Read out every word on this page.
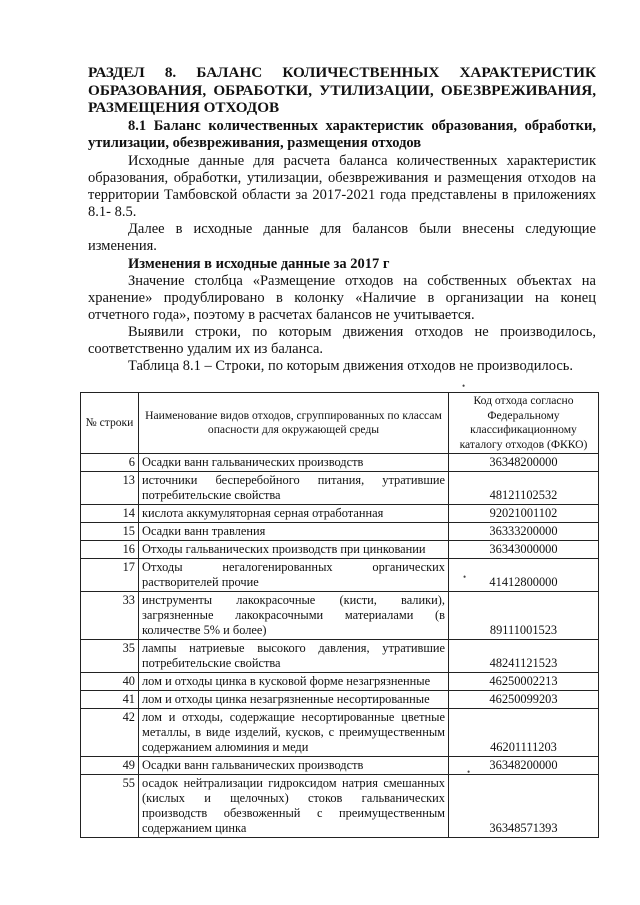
РАЗДЕЛ 8. БАЛАНС КОЛИЧЕСТВЕННЫХ ХАРАКТЕРИСТИК ОБРАЗОВАНИЯ, ОБРАБОТКИ, УТИЛИЗАЦИИ, ОБЕЗВРЕЖИВАНИЯ, РАЗМЕЩЕНИЯ ОТХОДОВ
8.1 Баланс количественных характеристик образования, обработки, утилизации, обезвреживания, размещения отходов

Исходные данные для расчета баланса количественных характеристик образования, обработки, утилизации, обезвреживания и размещения отходов на территории Тамбовской области за 2017-2021 года представлены в приложениях 8.1- 8.5.

Далее в исходные данные для балансов были внесены следующие изменения.

Изменения в исходные данные за 2017 г

Значение столбца «Размещение отходов на собственных объектах на хранение» продублировано в колонку «Наличие в организации на конец отчетного года», поэтому в расчетах балансов не учитывается.

Выявили строки, по которым движения отходов не производилось, соответственно удалим их из баланса.

Таблица 8.1 – Строки, по которым движения отходов не производилось.

№ строки	Наименование видов отходов, сгруппированных по классам опасности для окружающей среды	Код отхода согласно Федеральному классификационному каталогу отходов (ФККО)
6	Осадки ванн гальванических производств	36348200000
13	источники бесперебойного питания, утратившие потребительские свойства	48121102532
14	кислота аккумуляторная серная отработанная	92021001102
15	Осадки ванн травления	36333200000
16	Отходы гальванических производств при цинковании	36343000000
17	Отходы негалогенированных органических растворителей прочие	41412800000
33	инструменты лакокрасочные (кисти, валики), загрязненные лакокрасочными материалами (в количестве 5% и более)	89111001523
35	лампы натриевые высокого давления, утратившие потребительские свойства	48241121523
40	лом и отходы цинка в кусковой форме незагрязненные	46250002213
41	лом и отходы цинка незагрязненные несортированные	46250099203
42	лом и отходы, содержащие несортированные цветные металлы, в виде изделий, кусков, с преимущественным содержанием алюминия и меди	46201111203
49	Осадки ванн гальванических производств	36348200000
55	осадок нейтрализации гидроксидом натрия смешанных (кислых и щелочных) стоков гальванических производств обезвоженный с преимущественным содержанием цинка	36348571393
•
•
•
